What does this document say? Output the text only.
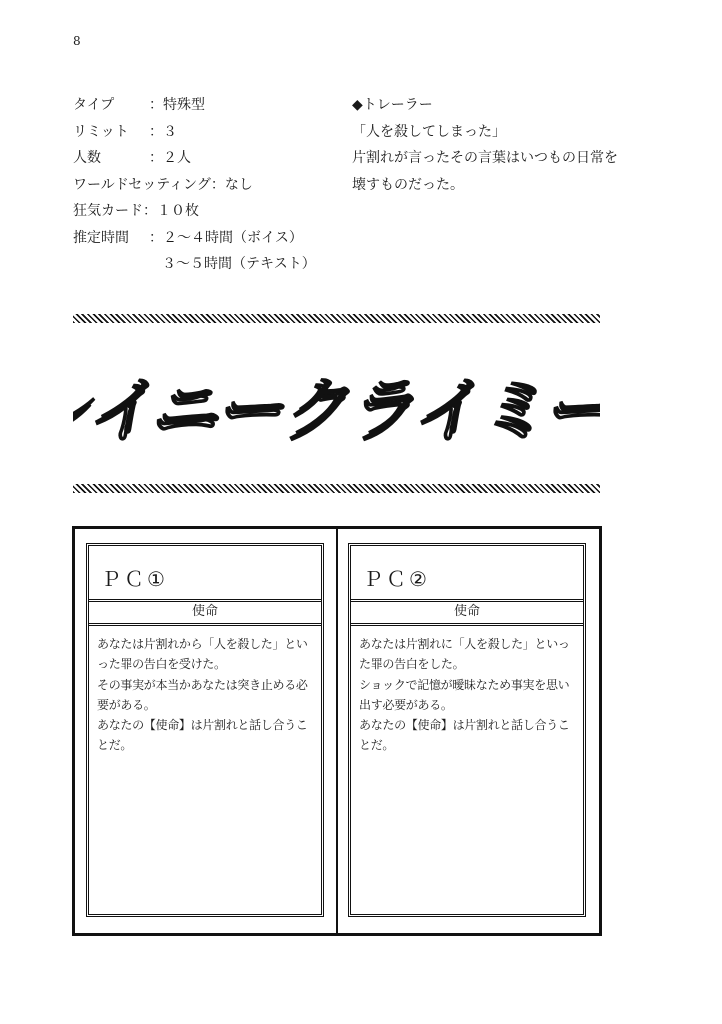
8
タイプ	：特殊型
リミット	：３
人数	：２人
ワールドセッティング ：なし
狂気カード ：１０枚
推定時間	：２～４時間（ボイス）
３～５時間（テキスト）
◆トレーラー
「人を殺してしまった」
片割れが言ったその言葉はいつもの日常を壊すものだった。
レイニークライミー
レイニークライミー
ＰＣ①
使命
あなたは片割れから「人を殺した」といった罪の告白を受けた。
その事実が本当かあなたは突き止める必要がある。
あなたの【使命】は片割れと話し合うことだ。
ＰＣ②
使命
あなたは片割れに「人を殺した」といった罪の告白をした。
ショックで記憶が曖昧なため事実を思い出す必要がある。
あなたの【使命】は片割れと話し合うことだ。
